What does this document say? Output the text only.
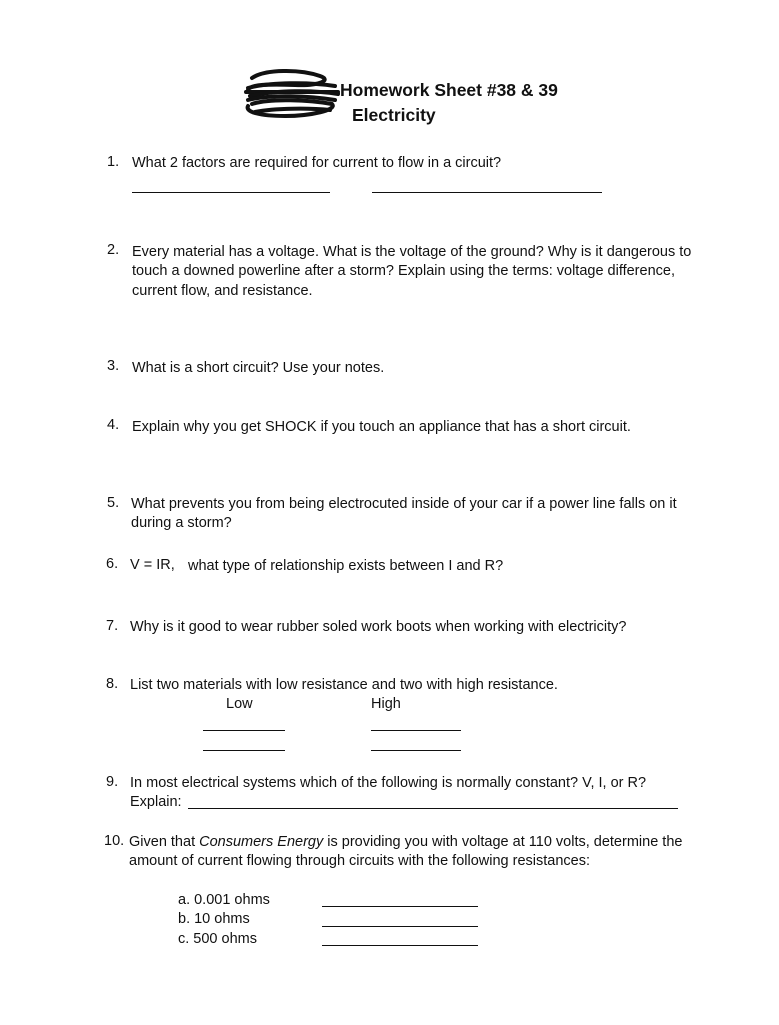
Homework Sheet #38 & 39
Electricity
1. What 2 factors are required for current to flow in a circuit?
2. Every material has a voltage. What is the voltage of the ground? Why is it dangerous to
touch a downed powerline after a storm? Explain using the terms: voltage difference,
current flow, and resistance.
3. What is a short circuit? Use your notes.
4. Explain why you get SHOCK if you touch an appliance that has a short circuit.
5. What prevents you from being electrocuted inside of your car if a power line falls on it
during a storm?
6. V = IR, what type of relationship exists between I and R?
7. Why is it good to wear rubber soled work boots when working with electricity?
8. List two materials with low resistance and two with high resistance.
Low	High
9. In most electrical systems which of the following is normally constant? V, I, or R?
Explain:
10. Given that Consumers Energy is providing you with voltage at 110 volts, determine the
amount of current flowing through circuits with the following resistances:
a. 0.001 ohms
b. 10 ohms
c. 500 ohms
